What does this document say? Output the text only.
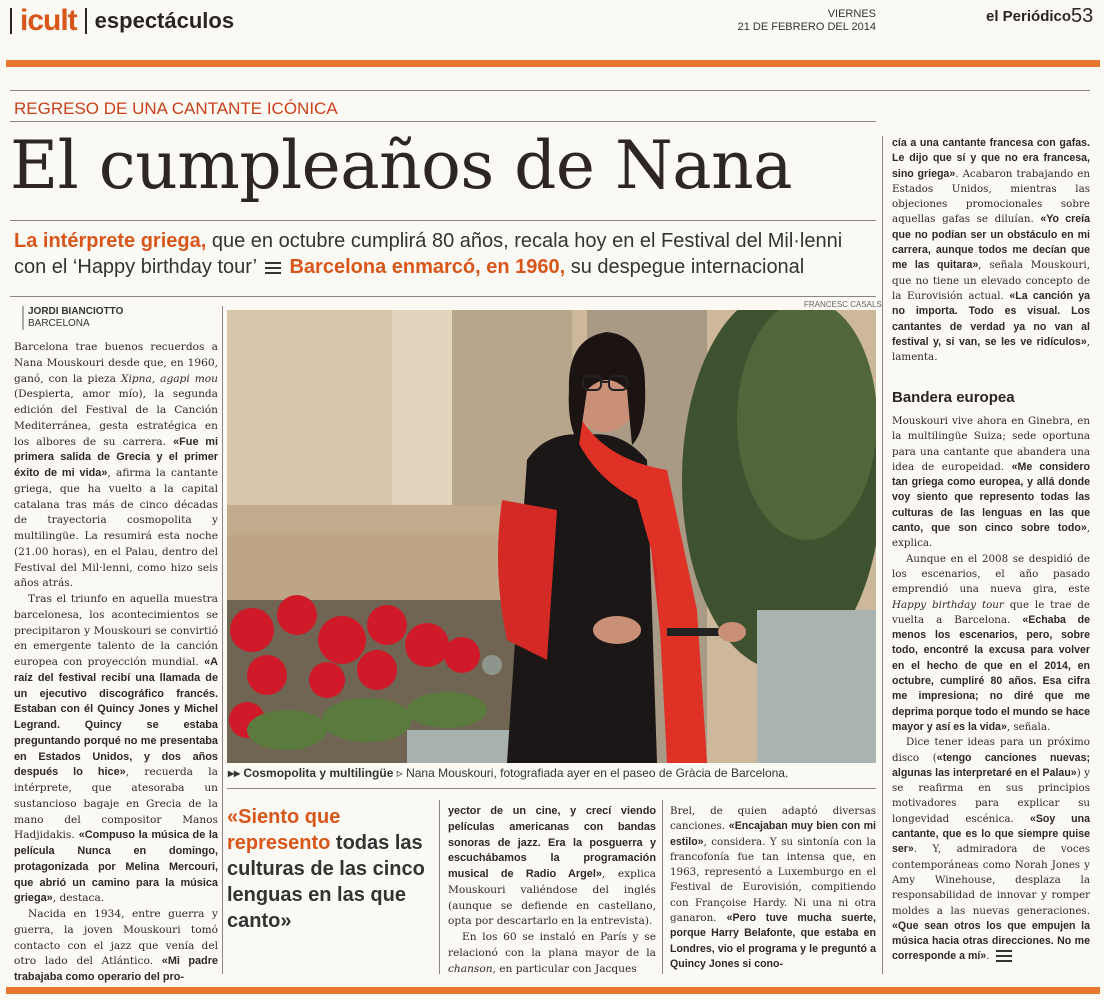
icult espectáculos	VIERNES
21 DE FEBRERO DEL 2014
el Periódico 53
REGRESO DE UNA CANTANTE ICÓNICA
El cumpleaños de Nana
La intérprete griega, que en octubre cumplirá 80 años, recala hoy en el Festival del Mil·lenni
con el ‘Happy birthday tour’ Barcelona enmarcó, en 1960, su despegue internacional
FRANCESC CASALS
JORDI BIANCIOTTO
BARCELONA

Barcelona trae buenos recuerdos a Nana Mouskouri desde que, en 1960, ganó, con la pieza Xipna, agapi mou (Despierta, amor mío), la segunda edición del Festival de la Canción Mediterránea, gesta estratégica en los albores de su carrera. «Fue mi primera salida de Grecia y el primer éxito de mi vida», afirma la cantante griega, que ha vuelto a la capital catalana tras más de cinco décadas de trayectoria cosmopolita y multilingüe. La resumirá esta noche (21.00 horas), en el Palau, dentro del Festival del Mil·lenni, como hizo seis años atrás.

Tras el triunfo en aquella muestra barcelonesa, los acontecimientos se precipitaron y Mouskouri se convirtió en emergente talento de la canción europea con proyección mundial. «A raíz del festival recibí una llamada de un ejecutivo discográfico francés. Estaban con él Quincy Jones y Michel Legrand. Quincy se estaba preguntando porqué no me presentaba en Estados Unidos, y dos años después lo hice», recuerda la intérprete, que atesoraba un sustancioso bagaje en Grecia de la mano del compositor Manos Hadjidakis. «Compuso la música de la película Nunca en domingo, protagonizada por Melina Mercouri, que abrió un camino para la música griega», destaca.

Nacida en 1934, entre guerra y guerra, la joven Mouskouri tomó contacto con el jazz que venía del otro lado del Atlántico. «Mi padre trabajaba como operario del pro-

▸▸ Cosmopolita y multilingüe ▹ Nana Mouskouri, fotografiada ayer en el paseo de Gràcia de Barcelona.
«Siento que represento todas las culturas de las cinco lenguas en las que canto»

yector de un cine, y crecí viendo películas americanas con bandas sonoras de jazz. Era la posguerra y escuchábamos la programación musical de Radio Argel», explica Mouskouri valiéndose del inglés (aunque se defiende en castellano, opta por descartarlo en la entrevista).

En los 60 se instaló en París y se relacionó con la plana mayor de la chanson, en particular con Jacques

Brel, de quien adaptó diversas canciones. «Encajaban muy bien con mi estilo», considera. Y su sintonía con la francofonía fue tan intensa que, en 1963, representó a Luxemburgo en el Festival de Eurovisión, compitiendo con Françoise Hardy. Ni una ni otra ganaron. «Pero tuve mucha suerte, porque Harry Belafonte, que estaba en Londres, vio el programa y le preguntó a Quincy Jones si cono-

cía a una cantante francesa con gafas. Le dijo que sí y que no era francesa, sino griega». Acabaron trabajando en Estados Unidos, mientras las objeciones promocionales sobre aquellas gafas se diluían. «Yo creía que no podían ser un obstáculo en mi carrera, aunque todos me decían que me las quitara», señala Mouskouri, que no tiene un elevado concepto de la Eurovisión actual. «La canción ya no importa. Todo es visual. Los cantantes de verdad ya no van al festival y, si van, se les ve ridículos», lamenta.

Bandera europea

Mouskouri vive ahora en Ginebra, en la multilingüe Suiza; sede oportuna para una cantante que abandera una idea de europeidad. «Me considero tan griega como europea, y allá donde voy siento que represento todas las culturas de las lenguas en las que canto, que son cinco sobre todo», explica.

Aunque en el 2008 se despidió de los escenarios, el año pasado emprendió una nueva gira, este Happy birthday tour que le trae de vuelta a Barcelona. «Echaba de menos los escenarios, pero, sobre todo, encontré la excusa para volver en el hecho de que en el 2014, en octubre, cumpliré 80 años. Esa cifra me impresiona; no diré que me deprima porque todo el mundo se hace mayor y así es la vida», señala.

Dice tener ideas para un próximo disco («tengo canciones nuevas; algunas las interpretaré en el Palau») y se reafirma en sus principios motivadores para explicar su longevidad escénica. «Soy una cantante, que es lo que siempre quise ser». Y, admiradora de voces contemporáneas como Norah Jones y Amy Winehouse, desplaza la responsabilidad de innovar y romper moldes a las nuevas generaciones. «Que sean otros los que empujen la música hacia otras direcciones. No me corresponde a mí».
